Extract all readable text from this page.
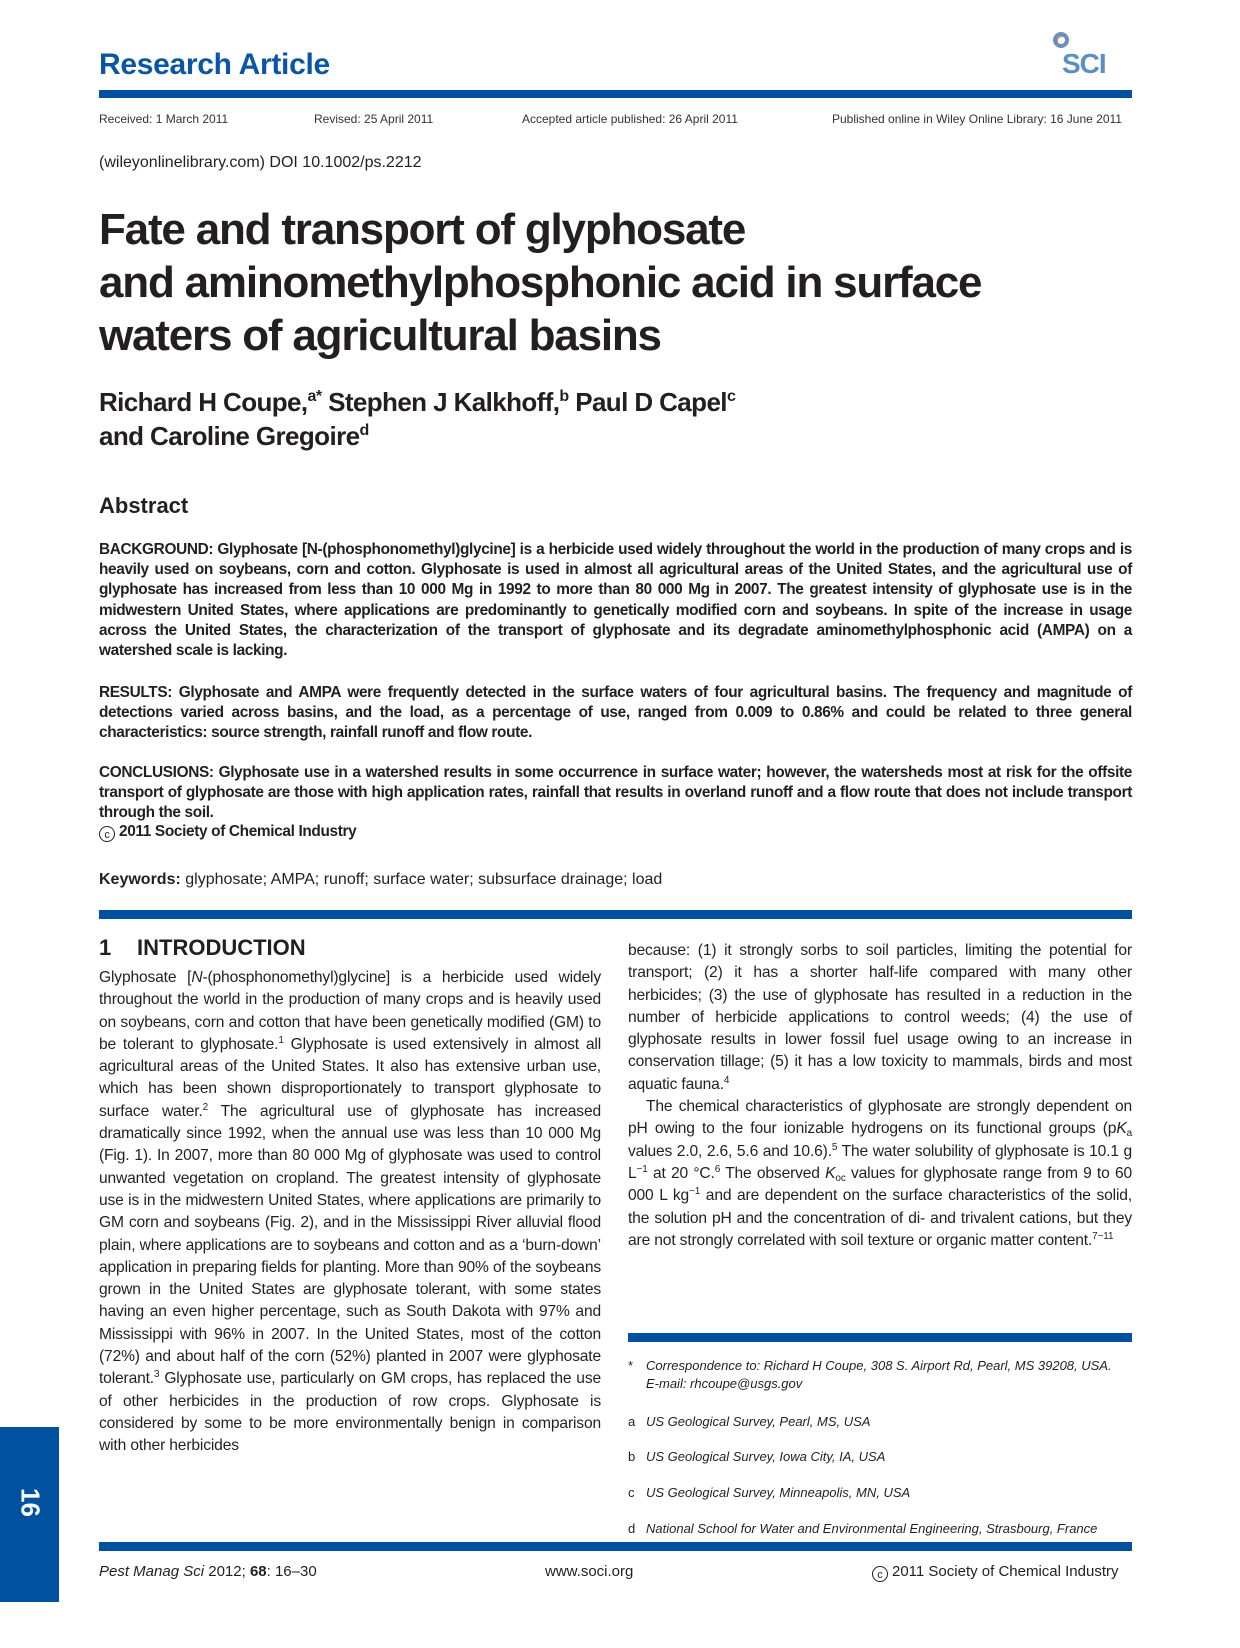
Research Article	SCI
Received: 1 March 2011	Revised: 25 April 2011	Accepted article published: 26 April 2011	Published online in Wiley Online Library: 16 June 2011
(wileyonlinelibrary.com) DOI 10.1002/ps.2212
Fate and transport of glyphosate
and aminomethylphosphonic acid in surface
waters of agricultural basins
Richard H Coupe,$^{a*}$ Stephen J Kalkhoff,$^b$ Paul D Capel$^c$
and Caroline Gregoire$^d$
Abstract
BACKGROUND: Glyphosate [N-(phosphonomethyl)glycine] is a herbicide used widely throughout the world in the production of many crops and is heavily used on soybeans, corn and cotton. Glyphosate is used in almost all agricultural areas of the United States, and the agricultural use of glyphosate has increased from less than 10 000 Mg in 1992 to more than 80 000 Mg in 2007. The greatest intensity of glyphosate use is in the midwestern United States, where applications are predominantly to genetically modified corn and soybeans. In spite of the increase in usage across the United States, the characterization of the transport of glyphosate and its degradate aminomethylphosphonic acid (AMPA) on a watershed scale is lacking.
RESULTS: Glyphosate and AMPA were frequently detected in the surface waters of four agricultural basins. The frequency and magnitude of detections varied across basins, and the load, as a percentage of use, ranged from 0.009 to 0.86% and could be related to three general characteristics: source strength, rainfall runoff and flow route.
CONCLUSIONS: Glyphosate use in a watershed results in some occurrence in surface water; however, the watersheds most at risk for the offsite transport of glyphosate are those with high application rates, rainfall that results in overland runoff and a flow route that does not include transport through the soil.
c 2011 Society of Chemical Industry
Keywords: glyphosate; AMPA; runoff; surface water; subsurface drainage; load
1 INTRODUCTION
Glyphosate [N-(phosphonomethyl)glycine] is a herbicide used widely throughout the world in the production of many crops and is heavily used on soybeans, corn and cotton that have been genetically modified (GM) to be tolerant to glyphosate.$^1$ Glyphosate is used extensively in almost all agricultural areas of the United States. It also has extensive urban use, which has been shown disproportionately to transport glyphosate to surface water.$^2$ The agricultural use of glyphosate has increased dramatically since 1992, when the annual use was less than 10 000 Mg (Fig. 1). In 2007, more than 80 000 Mg of glyphosate was used to control unwanted vegetation on cropland. The greatest intensity of glyphosate use is in the midwestern United States, where applications are primarily to GM corn and soybeans (Fig. 2), and in the Mississippi River alluvial flood plain, where applications are to soybeans and cotton and as a ‘burn-down’ application in preparing fields for planting. More than 90% of the soybeans grown in the United States are glyphosate tolerant, with some states having an even higher percentage, such as South Dakota with 97% and Mississippi with 96% in 2007. In the United States, most of the cotton (72%) and about half of the corn (52%) planted in 2007 were glyphosate tolerant.$^3$ Glyphosate use, particularly on GM crops, has replaced the use of other herbicides in the production of row crops. Glyphosate is considered by some to be more environmentally benign in comparison with other herbicides
because: (1) it strongly sorbs to soil particles, limiting the potential for transport; (2) it has a shorter half-life compared with many other herbicides; (3) the use of glyphosate has resulted in a reduction in the number of herbicide applications to control weeds; (4) the use of glyphosate results in lower fossil fuel usage owing to an increase in conservation tillage; (5) it has a low toxicity to mammals, birds and most aquatic fauna.$^4$
The chemical characteristics of glyphosate are strongly dependent on pH owing to the four ionizable hydrogens on its functional groups ($pK_a$ values 2.0, 2.6, 5.6 and 10.6).$^5$ The water solubility of glyphosate is 10.1 g $L^{-1}$ at 20 °C.$^6$ The observed $K_{oc}$ values for glyphosate range from 9 to 60 000 L $kg^{-1}$ and are dependent on the surface characteristics of the solid, the solution pH and the concentration of di- and trivalent cations, but they are not strongly correlated with soil texture or organic matter content.$^{7-11}$
* Correspondence to: Richard H Coupe, 308 S. Airport Rd, Pearl, MS 39208, USA.
E-mail: rhcoupe@usgs.gov
a US Geological Survey, Pearl, MS, USA
b US Geological Survey, Iowa City, IA, USA
c US Geological Survey, Minneapolis, MN, USA
d National School for Water and Environmental Engineering, Strasbourg, France
16
Pest Manag Sci 2012; 68: 16–30	www.soci.org	c 2011 Society of Chemical Industry
